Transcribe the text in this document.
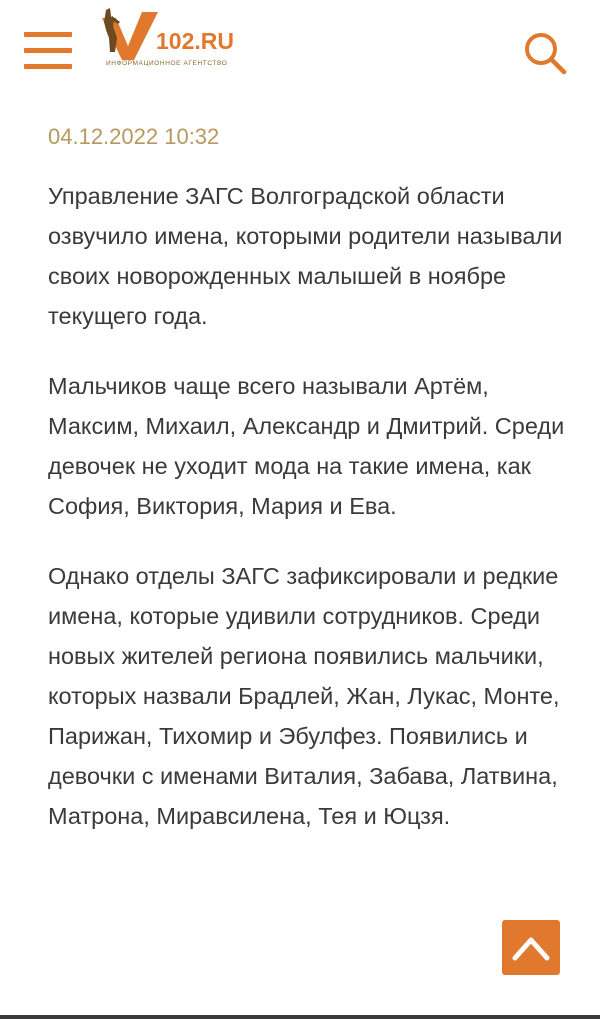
102.RU
ИНФОРМАЦИОННОЕ АГЕНТСТВО
04.12.2022 10:32

Управление ЗАГС Волгоградской области озвучило имена, которыми родители называли своих новорожденных малышей в ноябре текущего года.

Мальчиков чаще всего называли Артём, Максим, Михаил, Александр и Дмитрий. Среди девочек не уходит мода на такие имена, как София, Виктория, Мария и Ева.

Однако отделы ЗАГС зафиксировали и редкие имена, которые удивили сотрудников. Среди новых жителей региона появились мальчики, которых назвали Брадлей, Жан, Лукас, Монте, Парижан, Тихомир и Эбулфез. Появились и девочки с именами Виталия, Забава, Латвина, Матрона, Миравсилена, Тея и Юцзя.
